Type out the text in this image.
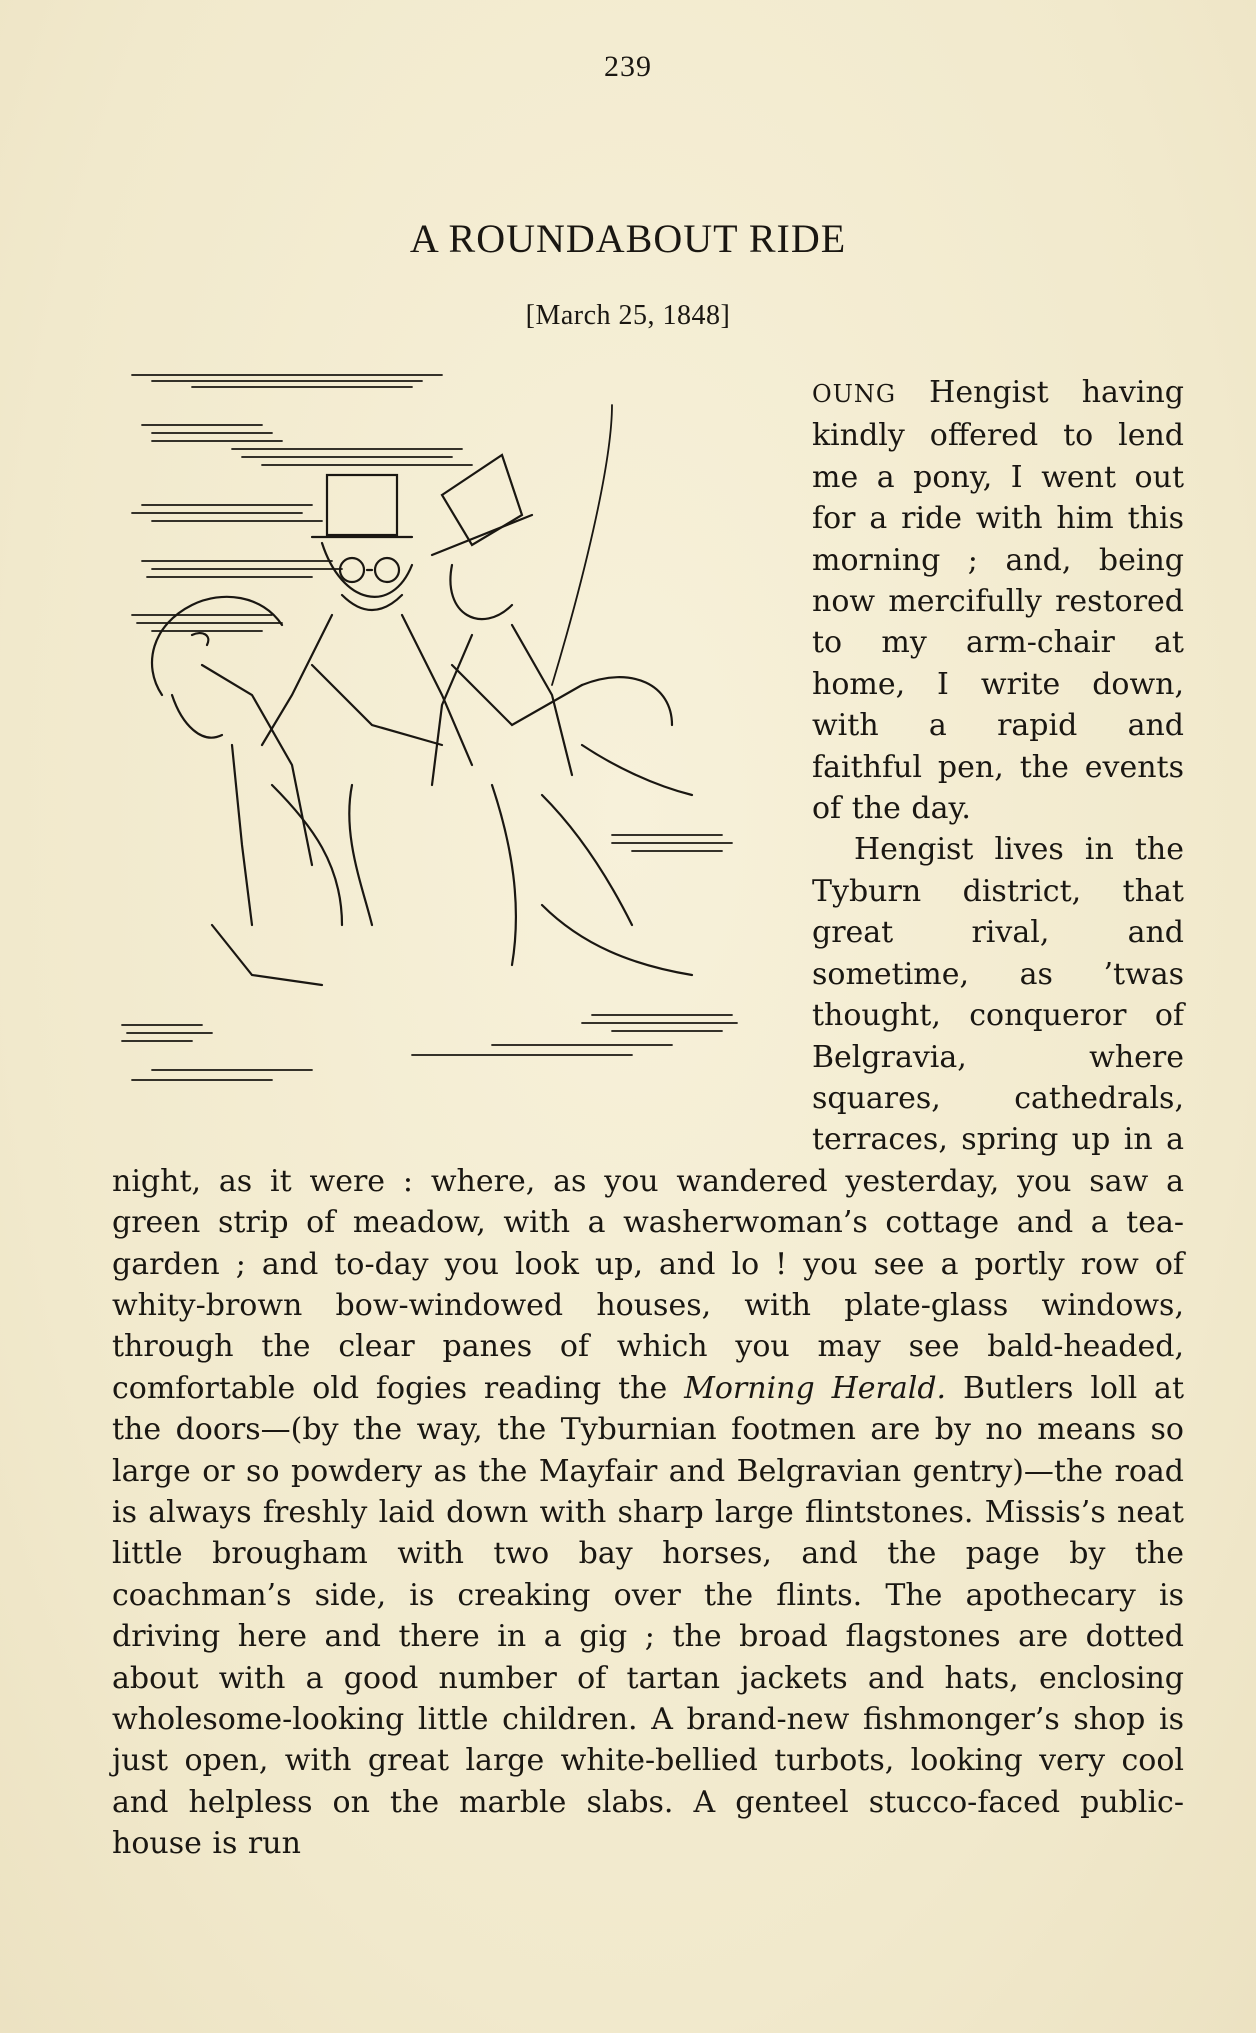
239
A ROUNDABOUT RIDE
[March 25, 1848]

OUNG Hengist having kindly offered to lend me a pony, I went out for a ride with him this morning ; and, being now mercifully restored to my arm-chair at home, I write down, with a rapid and faithful pen, the events of the day.

Hengist lives in the Tyburn district, that great rival, and sometime, as ’twas thought, conqueror of Belgravia, where squares, cathedrals, terraces, spring up in a night, as it were : where, as you wandered yesterday, you saw a green strip of meadow, with a washerwoman’s cottage and a tea-garden ; and to-day you look up, and lo ! you see a portly row of whity-brown bow-windowed houses, with plate-glass windows, through the clear panes of which you may see bald-headed, comfortable old fogies reading the Morning Herald. Butlers loll at the doors—(by the way, the Tyburnian footmen are by no means so large or so powdery as the Mayfair and Belgravian gentry)—the road is always freshly laid down with sharp large flintstones. Missis’s neat little brougham with two bay horses, and the page by the coachman’s side, is creaking over the flints. The apothecary is driving here and there in a gig ; the broad flagstones are dotted about with a good number of tartan jackets and hats, enclosing wholesome-looking little children. A brand-new fishmonger’s shop is just open, with great large white-bellied turbots, looking very cool and helpless on the marble slabs. A genteel stucco-faced public-house is run
